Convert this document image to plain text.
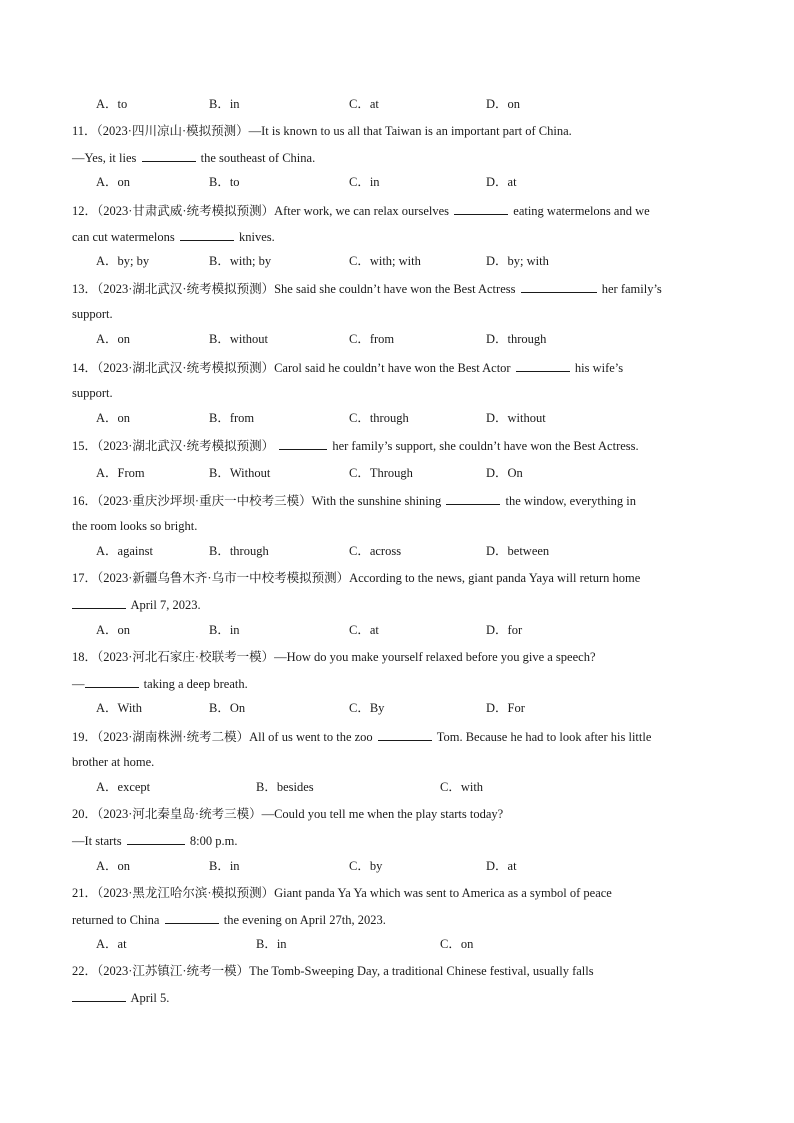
A．to	B．in	C．at	D．on
11．（2023·四川凉山·模拟预测）—It is known to us all that Taiwan is an important part of China.
—Yes, it lies	the southeast of China.
A．on	B．to	C．in	D．at
12．（2023·甘肃武威·统考模拟预测）After work, we can relax ourselves	eating watermelons and we
can cut watermelons	knives.
A．by; by	B．with; by	C．with; with	D．by; with
13．（2023·湖北武汉·统考模拟预测）She said she couldn’t have won the Best Actress	her family’s
support.
A．on	B．without	C．from	D．through
14．（2023·湖北武汉·统考模拟预测）Carol said he couldn’t have won the Best Actor	his wife’s
support.
A．on	B．from	C．through	D．without
15．（2023·湖北武汉·统考模拟预测）	her family’s support, she couldn’t have won the Best Actress.
A．From	B．Without	C．Through	D．On
16．（2023·重庆沙坪坝·重庆一中校考三模）With the sunshine shining	the window, everything in
the room looks so bright.
A．against	B．through	C．across	D．between
17．（2023·新疆乌鲁木齐·乌市一中校考模拟预测）According to the news, giant panda Yaya will return home
April 7, 2023.
A．on	B．in	C．at	D．for
18．（2023·河北石家庄·校联考一模）—How do you make yourself relaxed before you give a speech?
—	taking a deep breath.
A．With	B．On	C．By	D．For
19．（2023·湖南株洲·统考二模）All of us went to the zoo	Tom. Because he had to look after his little
brother at home.
A．except	B．besides	C．with
20．（2023·河北秦皇岛·统考三模）—Could you tell me when the play starts today?
—It starts	8:00 p.m.
A．on	B．in	C．by	D．at
21．（2023·黑龙江哈尔滨·模拟预测）Giant panda Ya Ya which was sent to America as a symbol of peace
returned to China	the evening on April 27th, 2023.
A．at	B．in	C．on
22．（2023·江苏镇江·统考一模）The Tomb-Sweeping Day, a traditional Chinese festival, usually falls
April 5.
